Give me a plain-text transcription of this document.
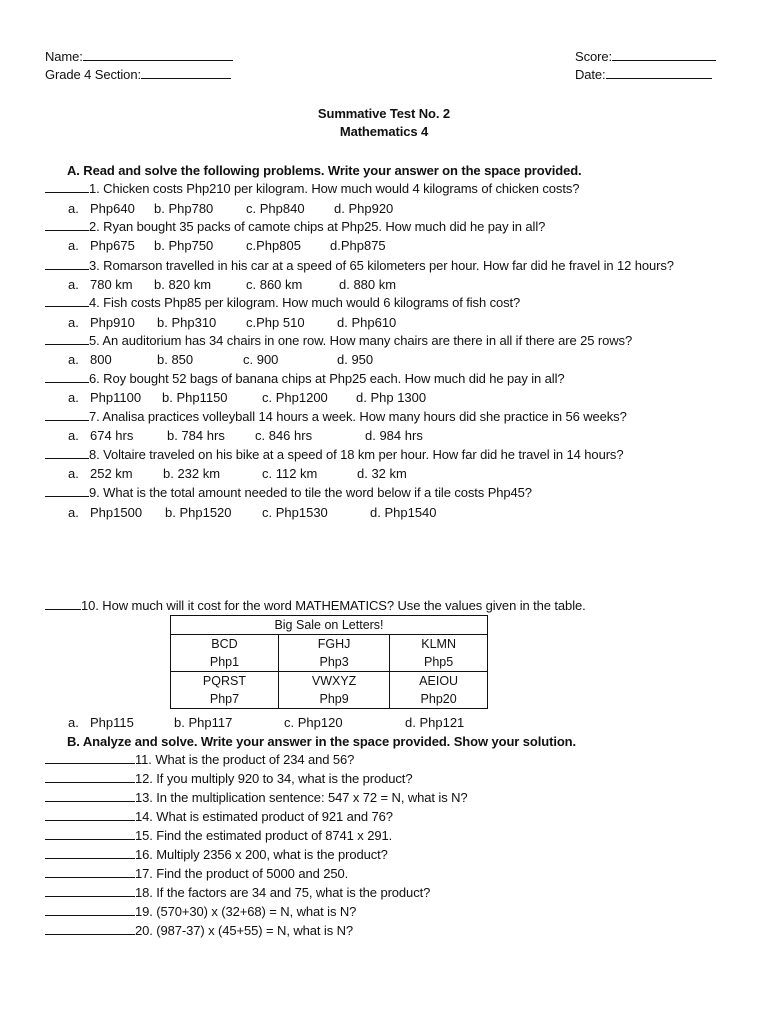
Name:
Grade 4 Section:
Score:
Date:
Summative Test No. 2
Mathematics 4
A. Read and solve the following problems. Write your answer on the space provided.
1. Chicken costs Php210 per kilogram. How much would 4 kilograms of chicken costs?
a. Php640 b. Php780	c. Php840 d. Php920
2. Ryan bought 35 packs of camote chips at Php25. How much did he pay in all?
a. Php675 b. Php750	c.Php805 d.Php875
3. Romarson travelled in his car at a speed of 65 kilometers per hour. How far did he fravel in 12 hours?
a. 780 km b. 820 km	c. 860 km	d. 880 km
4. Fish costs Php85 per kilogram. How much would 6 kilograms of fish cost?
a. Php910 b. Php310 c.Php 510 d. Php610
5. An auditorium has 34 chairs in one row. How many chairs are there in all if there are 25 rows?
a. 800	b. 850	c. 900	d. 950
6. Roy bought 52 bags of banana chips at Php25 each. How much did he pay in all?
a. Php1100 b. Php1150	c. Php1200 d. Php 1300
7. Analisa practices volleyball 14 hours a week. How many hours did she practice in 56 weeks?
a. 674 hrs	b. 784 hrs c. 846 hrs	d. 984 hrs
8. Voltaire traveled on his bike at a speed of 18 km per hour. How far did he travel in 14 hours?
a. 252 km b. 232 km	c. 112 km	d. 32 km
9. What is the total amount needed to tile the word below if a tile costs Php45?
a. Php1500 b. Php1520 c. Php1530	d. Php1540
10. How much will it cost for the word MATHEMATICS? Use the values given in the table.
Big Sale on Letters!		
BCD	FGHJ	KLMN
Php1	Php3	Php5
PQRST	VWXYZ	AEIOU
Php7	Php9	Php20
a. Php115	b. Php117	c. Php120	d. Php121
B. Analyze and solve. Write your answer in the space provided. Show your solution.
11. What is the product of 234 and 56?
12. If you multiply 920 to 34, what is the product?
13. In the multiplication sentence: 547 x 72 = N, what is N?
14. What is estimated product of 921 and 76?
15. Find the estimated product of 8741 x 291.
16. Multiply 2356 x 200, what is the product?
17. Find the product of 5000 and 250.
18. If the factors are 34 and 75, what is the product?
19. (570+30) x (32+68) = N, what is N?
20. (987-37) x (45+55) = N, what is N?
